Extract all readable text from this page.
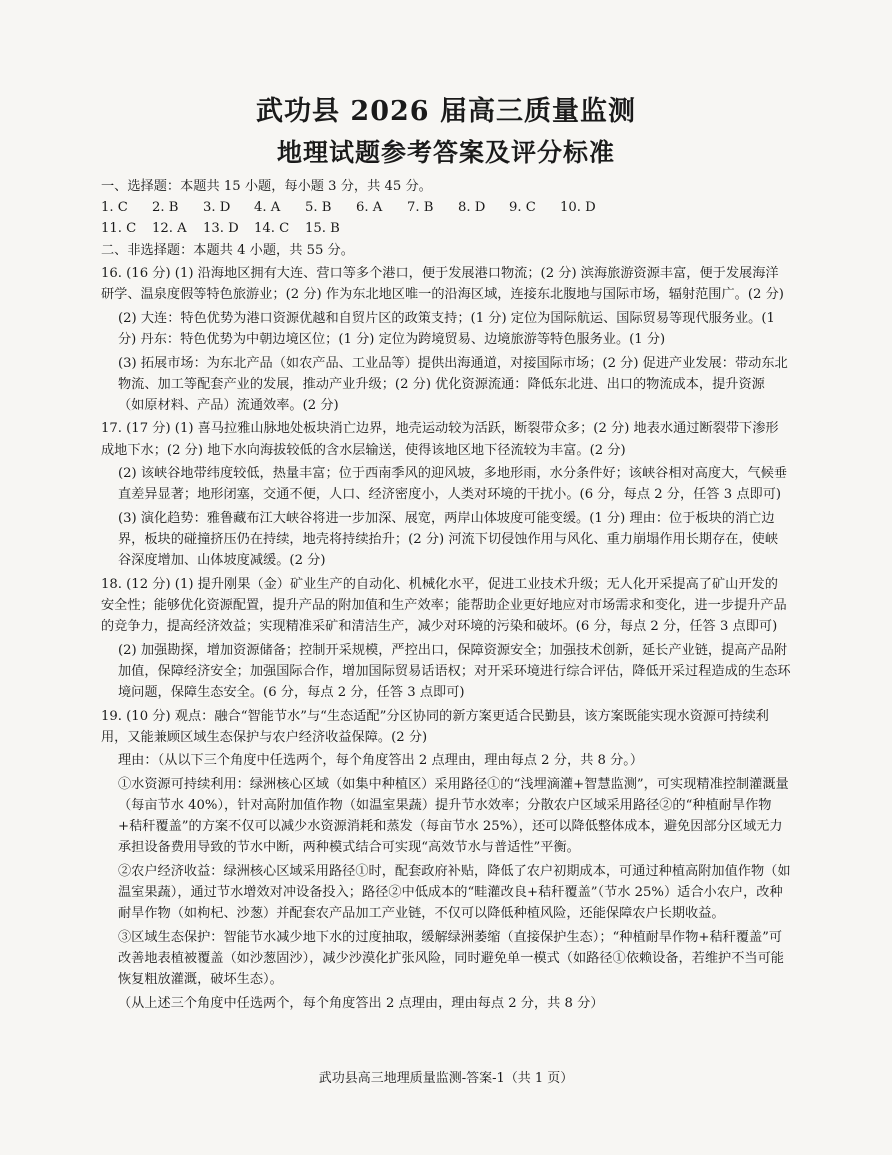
武功县 2026 届高三质量监测
地理试题参考答案及评分标准

一、选择题：本题共 15 小题，每小题 3 分，共 45 分。

1. C	2. B	3. D	4. A	5. B	6. A	7. B	8. D	9. C	10. D
11. C	12. A	13. D	14. C	15. B

二、非选择题：本题共 4 小题，共 55 分。

16. (16 分) (1) 沿海地区拥有大连、营口等多个港口，便于发展港口物流；(2 分) 滨海旅游资源丰富，便于发展海洋研学、温泉度假等特色旅游业；(2 分) 作为东北地区唯一的沿海区域，连接东北腹地与国际市场，辐射范围广。(2 分)

(2) 大连：特色优势为港口资源优越和自贸片区的政策支持；(1 分) 定位为国际航运、国际贸易等现代服务业。(1 分) 丹东：特色优势为中朝边境区位；(1 分) 定位为跨境贸易、边境旅游等特色服务业。(1 分)

(3) 拓展市场：为东北产品（如农产品、工业品等）提供出海通道，对接国际市场；(2 分) 促进产业发展：带动东北物流、加工等配套产业的发展，推动产业升级；(2 分) 优化资源流通：降低东北进、出口的物流成本，提升资源（如原材料、产品）流通效率。(2 分)

17. (17 分) (1) 喜马拉雅山脉地处板块消亡边界，地壳运动较为活跃，断裂带众多；(2 分) 地表水通过断裂带下渗形成地下水；(2 分) 地下水向海拔较低的含水层输送，使得该地区地下径流较为丰富。(2 分)

(2) 该峡谷地带纬度较低，热量丰富；位于西南季风的迎风坡，多地形雨，水分条件好；该峡谷相对高度大，气候垂直差异显著；地形闭塞，交通不便，人口、经济密度小，人类对环境的干扰小。(6 分，每点 2 分，任答 3 点即可)

(3) 演化趋势：雅鲁藏布江大峡谷将进一步加深、展宽，两岸山体坡度可能变缓。(1 分) 理由：位于板块的消亡边界，板块的碰撞挤压仍在持续，地壳将持续抬升；(2 分) 河流下切侵蚀作用与风化、重力崩塌作用长期存在，使峡谷深度增加、山体坡度减缓。(2 分)

18. (12 分) (1) 提升刚果（金）矿业生产的自动化、机械化水平，促进工业技术升级；无人化开采提高了矿山开发的安全性；能够优化资源配置，提升产品的附加值和生产效率；能帮助企业更好地应对市场需求和变化，进一步提升产品的竞争力，提高经济效益；实现精准采矿和清洁生产，减少对环境的污染和破坏。(6 分，每点 2 分，任答 3 点即可)

(2) 加强勘探，增加资源储备；控制开采规模，严控出口，保障资源安全；加强技术创新，延长产业链，提高产品附加值，保障经济安全；加强国际合作，增加国际贸易话语权；对开采环境进行综合评估，降低开采过程造成的生态环境问题，保障生态安全。(6 分，每点 2 分，任答 3 点即可)

19. (10 分) 观点：融合“智能节水”与“生态适配”分区协同的新方案更适合民勤县，该方案既能实现水资源可持续利用，又能兼顾区域生态保护与农户经济收益保障。(2 分)

理由：（从以下三个角度中任选两个，每个角度答出 2 点理由，理由每点 2 分，共 8 分。）

①水资源可持续利用：绿洲核心区域（如集中种植区）采用路径①的“浅埋滴灌+智慧监测”，可实现精准控制灌溉量（每亩节水 40%），针对高附加值作物（如温室果蔬）提升节水效率；分散农户区域采用路径②的“种植耐旱作物+秸秆覆盖”的方案不仅可以减少水资源消耗和蒸发（每亩节水 25%），还可以降低整体成本，避免因部分区域无力承担设备费用导致的节水中断，两种模式结合可实现“高效节水与普适性”平衡。

②农户经济收益：绿洲核心区域采用路径①时，配套政府补贴，降低了农户初期成本，可通过种植高附加值作物（如温室果蔬），通过节水增效对冲设备投入；路径②中低成本的“畦灌改良+秸秆覆盖”（节水 25%）适合小农户，改种耐旱作物（如枸杞、沙葱）并配套农产品加工产业链，不仅可以降低种植风险，还能保障农户长期收益。

③区域生态保护：智能节水减少地下水的过度抽取，缓解绿洲萎缩（直接保护生态）；“种植耐旱作物+秸秆覆盖”可改善地表植被覆盖（如沙葱固沙），减少沙漠化扩张风险，同时避免单一模式（如路径①依赖设备，若维护不当可能恢复粗放灌溉，破坏生态）。

（从上述三个角度中任选两个，每个角度答出 2 点理由，理由每点 2 分，共 8 分）

武功县高三地理质量监测-答案-1（共 1 页）
